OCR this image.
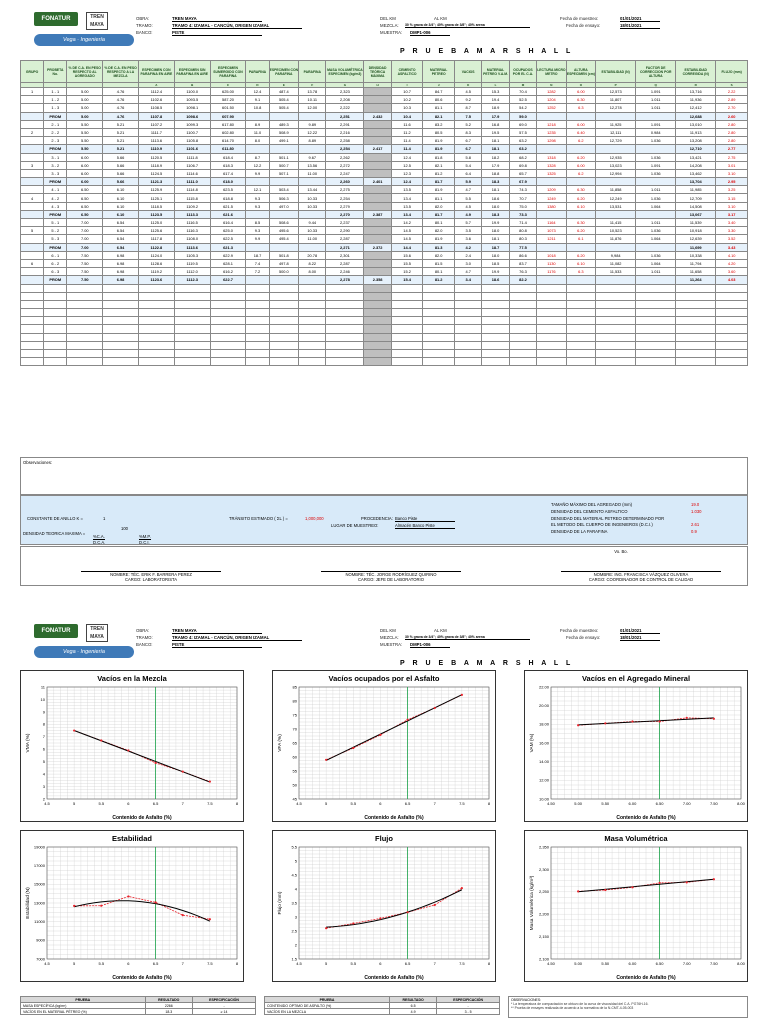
FONATUR	TREN MAYA
Vega · Ingeniería
OBRA:	TREN MAYA
TRAMO:	TRAMO 4: IZAMAL - CANCÚN, ORIGEN IZAMAL
BANCO:	PISTE
DEL KM	AL KM
MEZCLA: 30 % grava de 3/4"; 40% grava de 3/8"; 40% arena
MUESTRA: DMP1-006
Fecha de muestreo:	01/01/2021
Fecha de ensayo:	18/01/2021
P R U E B A M A R S H A L L
GRUPO	PROBETA No.	% DE C.A. EN PESO RESPECTO AL AGREGADO	% DE C.A. EN PESO RESPECTO A LA MEZCLA	ESPECIMEN CON PARAFINA EN AIRE	ESPECIMEN SIN PARAFINA EN AIRE	ESPECIMEN SUMERGIDO CON PARAFINA	PARAFINA	ESPECIMEN CON PARAFINA	PARAFINA	MASA VOLUMÉTRICA ESPECIMEN (kg/m3)	DENSIDAD TEÓRICA MÁXIMA	CEMENTO ASFALTICO	MATERIAL PETREO	VACIOS	MATERIAL PETREO V.A.M.	OCUPADOS POR EL C.A.	LECTURA MICRO METRO	ALTURA ESPECIMEN (cm)	ESTABILIDAD (N)	FACTOR DE CORRECCION POR ALTURA	ESTABILIDAD CORREGIDA (N)	FLUJO (mm)
				A	B	C	D	E	F	G	H	I	J	K	L	M	N	O	P	Q	R	S
1	1 - 1	5.00	4.76	1112.4	1100.0	625.00	12.4	487.4	13.78	2,323		10.7	84.7	4.5	15.3	70.4	1282	6.00	12,573	1.091	13,716	2.22
	1 - 2	5.00	4.76	1102.6	1093.5	587.20	9.1	505.4	10.11	2,208		10.2	80.6	9.2	19.4	52.5	1204	6.30	11,807	1.011	11,936	2.89
	1 - 3	5.00	4.76	1108.5	1098.1	601.50	10.8	505.4	12.00	2,222		10.3	81.1	8.7	18.9	54.2	1252	6.3	12,278	1.011	12,412	2.70
	PROM	5.00	4.76	1107.8	1098.6	607.90				2,251	2.432	10.4	82.1	7.5	17.9	59.0					12,688	2.60
	2 - 1	5.50	5.21	1107.2	1099.3	617.80	8.9	489.3	9.89	2,291		11.6	83.2	5.2	16.8	69.0	1218	6.00	11,925	1.091	13,010	2.80
2	2 - 2	5.50	5.21	1111.7	1100.7	602.80	11.0	508.9	12.22	2,216		11.2	80.5	8.3	19.5	57.5	1235	6.40	12,111	0.984	11,913	2.80
	2 - 3	5.50	5.21	1113.6	1105.8	614.70	8.0	499.1	8.89	2,258		11.4	81.9	6.7	18.1	63.2	1298	6.2	12,729	1.036	13,208	2.80
	PROM	5.50	5.21	1110.9	1101.6	611.80				2,254	2.417	11.4	81.9	6.7	18.1	63.2					12,710	2.77
	3 - 1	6.00	5.66	1120.5	1111.8	618.4	8.7	501.1	9.67	2,262		12.4	81.8	5.8	18.2	68.2	1318	6.20	12,935	1.036	13,421	2.75
3	3 - 2	6.00	5.66	1118.9	1106.7	618.3	12.2	500.7	13.56	2,272		12.5	82.1	5.4	17.9	69.8	1328	6.00	13,023	1.091	14,208	3.01
	3 - 3	6.00	5.66	1124.5	1114.6	617.4	9.9	507.1	11.00	2,247		12.3	81.2	6.4	18.8	65.7	1325	6.2	12,994	1.036	13,462	3.10
	PROM	6.00	5.66	1121.3	1111.0	618.0				2,260	2.401	12.4	81.7	5.9	18.3	67.9					13,704	2.95
	4 - 1	6.50	6.10	1125.9	1114.8	623.5	12.1	503.4	13.44	2,275		13.5	81.9	4.7	18.1	74.3	1209	6.30	11,858	1.011	11,985	3.25
4	4 - 2	6.50	6.10	1125.1	1115.8	618.8	9.3	506.3	10.33	2,254		13.4	81.1	5.5	18.6	70.7	1249	6.20	12,249	1.036	12,709	3.15
	4 - 3	6.50	6.10	1118.5	1109.2	621.5	9.3	497.0	10.33	2,279		13.5	82.0	4.5	18.0	75.0	1380	6.10	13,531	1.064	14,508	3.10
	PROM	6.50	6.10	1123.5	1113.3	621.6				2,270	2.387	13.4	81.7	4.9	18.3	73.3					13,067	3.17
	5 - 1	7.00	6.54	1125.0	1116.5	616.4	8.5	508.6	9.44	2,237		14.2	80.1	5.7	19.9	71.4	1164	6.30	11,415	1.011	11,539	3.40
5	5 - 2	7.00	6.54	1125.6	1116.3	625.0	9.3	495.6	10.33	2,290		14.5	82.0	3.5	18.0	80.8	1073	6.20	10,523	1.036	10,918	3.30
	5 - 3	7.00	6.54	1117.8	1108.0	622.5	9.9	495.4	11.00	2,287		14.5	81.9	3.6	18.1	80.3	1211	6.1	11,876	1.064	12,639	3.52
	PROM	7.00	6.54	1122.8	1113.6	621.3				2,271	2.372	14.4	81.3	4.2	18.7	77.5					11,699	3.43
	6 - 1	7.50	6.98	1124.0	1105.3	622.9	18.7	501.8	20.78	2,301		15.6	82.0	2.4	18.0	86.6	1018	6.20	9,984	1.036	10,338	4.10
6	6 - 2	7.50	6.98	1128.6	1119.5	628.1	7.4	497.8	8.22	2,287		15.5	81.5	3.0	18.5	83.7	1130	6.10	11,082	1.064	11,794	4.20
	6 - 3	7.50	6.98	1119.2	1112.0	616.2	7.2	500.0	8.00	2,246		15.2	80.1	4.7	19.9	76.3	1176	6.3	11,533	1.011	11,658	3.60
	PROM	7.50	6.98	1123.6	1112.3	622.7				2,278	2.358	15.4	81.2	3.4	18.6	82.2					11,264	4.03

Observaciones:
CONSTANTE DE ANILLO K =	1
100
DENSIDAD TEORICA MAXIMA =
%C.A.	%M.P.
D.C.A.	D.C.I.
TRÁNSITO ESTIMADO ( ΣL ) =	1,000,000	PROCEDENCIA: Banco Piste
LUGAR DE MUESTREO:	Almacén Banco Piste
TAMAÑO MÁXIMO DEL AGREGADO (mm)	19.0
DENSIDAD DEL CEMENTO ASFALTICO	1.030
DENSIDAD DEL MATERIAL PETREO DETERMINADO POR
EL METODO DEL CUERPO DE INGENIEROS (D.C.I.)	2.61
DENSIDAD DE LA PARAFINA	0.9
Vo. Bo.
NOMBRE: TÉC. ERIK F. BARRERA PEREZ
CARGO: LABORATORISTA
NOMBRE: TÉC. JORGE RODRÍGUEZ QUIRINO
CARGO: JEFE DE LABORATORIO
NOMBRE: ING. FRANCISCA VÁZQUEZ OLIVERA
CARGO: COORDINADOR DE CONTROL DE CALIDAD
FONATUR	TREN MAYA
Vega · Ingeniería
OBRA:	TREN MAYA
TRAMO:	TRAMO 4: IZAMAL - CANCÚN, ORIGEN IZAMAL
BANCO:	PISTE
DEL KM	AL KM
MEZCLA: 30 % grava de 3/4"; 40% grava de 3/8"; 40% arena
MUESTRA: DMP1-006
Fecha de muestreo:	01/01/2021
Fecha de ensayo:	18/01/2021
P R U E B A M A R S H A L L
4.5	5	5.5	6	6.5	7	7.5	8
2
3
4
5
6
7
8
9
10
11
Contenido de Asfalto (%)
VMA (%)
Vacíos en la Mezcla
4.5	5	5.5	6	6.5	7	7.5	8
45
50
55
60
65
70
75
80
85
Contenido de Asfalto (%)
VFA (%)
Vacíos ocupados por el Asfalto
4.50	5.00	5.50	6.00	6.50	7.00	7.50	8.00
10.00
12.00
14.00
16.00
18.00
20.00
22.00
Contenido de Asfalto (%)
VAM (%)
Vacíos en el Agregado Mineral
4.5	5	5.5	6	6.5	7	7.5	8
7000
9000
11000
13000
15000
17000
19000
Contenido de Asfalto (%)
Estabilidad (N)
Estabilidad
4.5	5	5.5	6	6.5	7	7.5	8
1.5
2
2.5
3
3.5
4
4.5
5
5.5
Contenido de Asfalto (%)
Flujo (mm)
Flujo
4.50	5.00	5.50	6.00	6.50	7.00	7.50	8.00
2,100
2,150
2,200
2,250
2,300
2,350
Contenido de Asfalto (%)
Masa Volumétrica (kg/m³)
Masa Volumétrica
PRUEBA	RESULTADO	ESPECIFICACIÓN
MASA ESPECÍFICA (kg/m³)	2266	-
VACÍOS EN EL MATERIAL PÉTREO (%)	18.3	≥ 14
PRUEBA	RESULTADO	ESPECIFICACIÓN
CONTENIDO OPTIMO DE ASFALTO (%)	6.5	-
VACÍOS EN LA MEZCLA	4.9	3 - 5
OBSERVACIONES:
* La temperatura de compactación se obtuvo de la curva de viscosidad del C.A. PG76H-16.
** Prueba de ensayes realizada de acuerdo a la normativa de la N-CMT-4-05-003
